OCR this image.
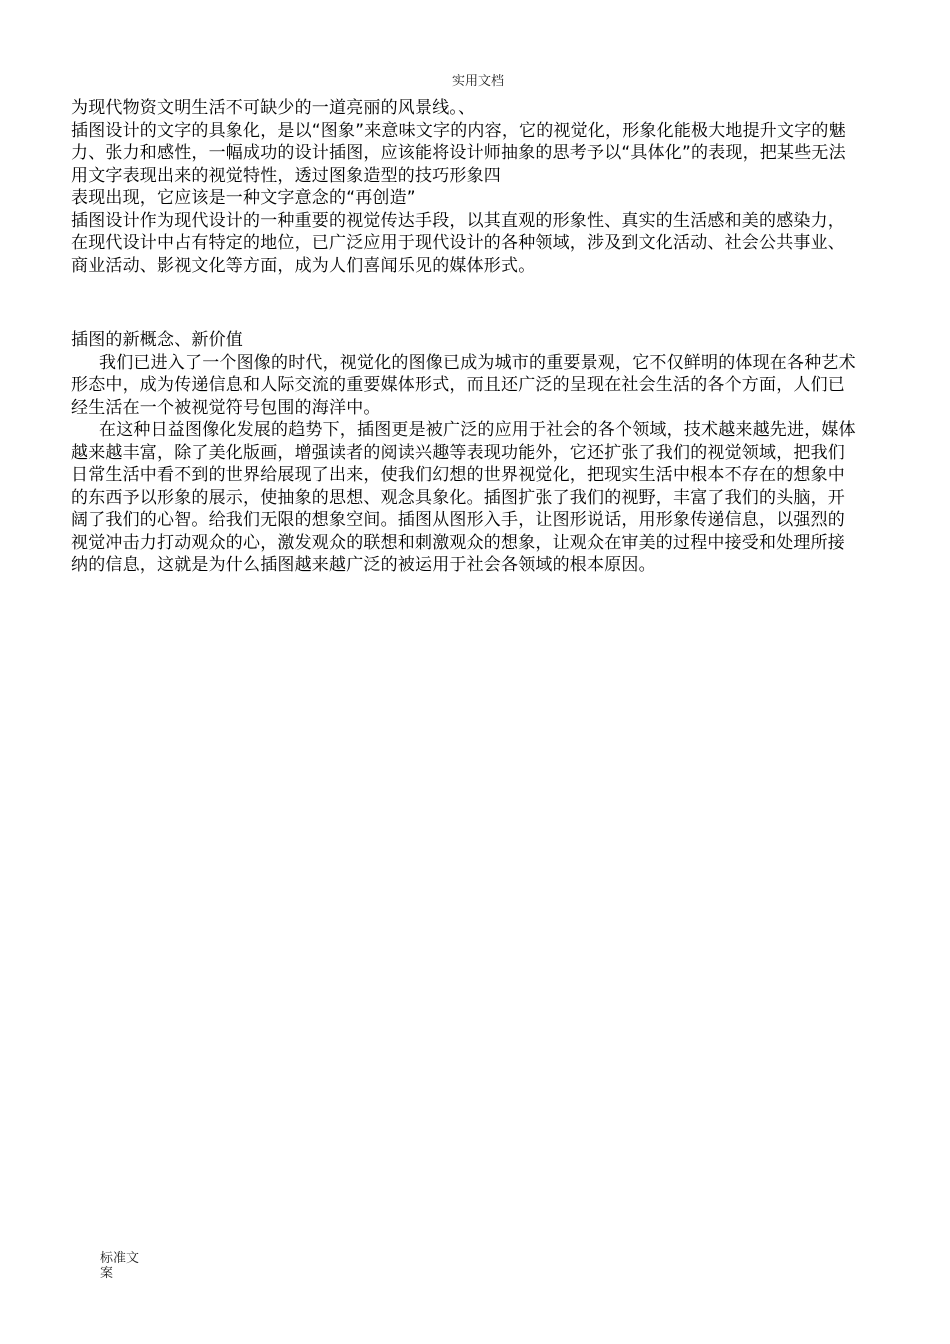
实用文档

为现代物资文明生活不可缺少的一道亮丽的风景线。、

插图设计的文字的具象化，是以“图象”来意味文字的内容，它的视觉化，形象化能极大地提升文字的魅力、张力和感性，一幅成功的设计插图，应该能将设计师抽象的思考予以“具体化”的表现，把某些无法用文字表现出来的视觉特性，透过图象造型的技巧形象四

表现出现，它应该是一种文字意念的“再创造”

插图设计作为现代设计的一种重要的视觉传达手段，以其直观的形象性、真实的生活感和美的感染力，在现代设计中占有特定的地位，已广泛应用于现代设计的各种领域，涉及到文化活动、社会公共事业、商业活动、影视文化等方面，成为人们喜闻乐见的媒体形式。

插图的新概念、新价值

我们已进入了一个图像的时代，视觉化的图像已成为城市的重要景观，它不仅鲜明的体现在各种艺术形态中，成为传递信息和人际交流的重要媒体形式，而且还广泛的呈现在社会生活的各个方面，人们已经生活在一个被视觉符号包围的海洋中。

在这种日益图像化发展的趋势下，插图更是被广泛的应用于社会的各个领域，技术越来越先进，媒体越来越丰富，除了美化版画，增强读者的阅读兴趣等表现功能外，它还扩张了我们的视觉领域，把我们日常生活中看不到的世界给展现了出来，使我们幻想的世界视觉化，把现实生活中根本不存在的想象中的东西予以形象的展示，使抽象的思想、观念具象化。插图扩张了我们的视野，丰富了我们的头脑，开阔了我们的心智。给我们无限的想象空间。插图从图形入手，让图形说话，用形象传递信息，以强烈的视觉冲击力打动观众的心，激发观众的联想和刺激观众的想象，让观众在审美的过程中接受和处理所接纳的信息，这就是为什么插图越来越广泛的被运用于社会各领域的根本原因。

标准文案
